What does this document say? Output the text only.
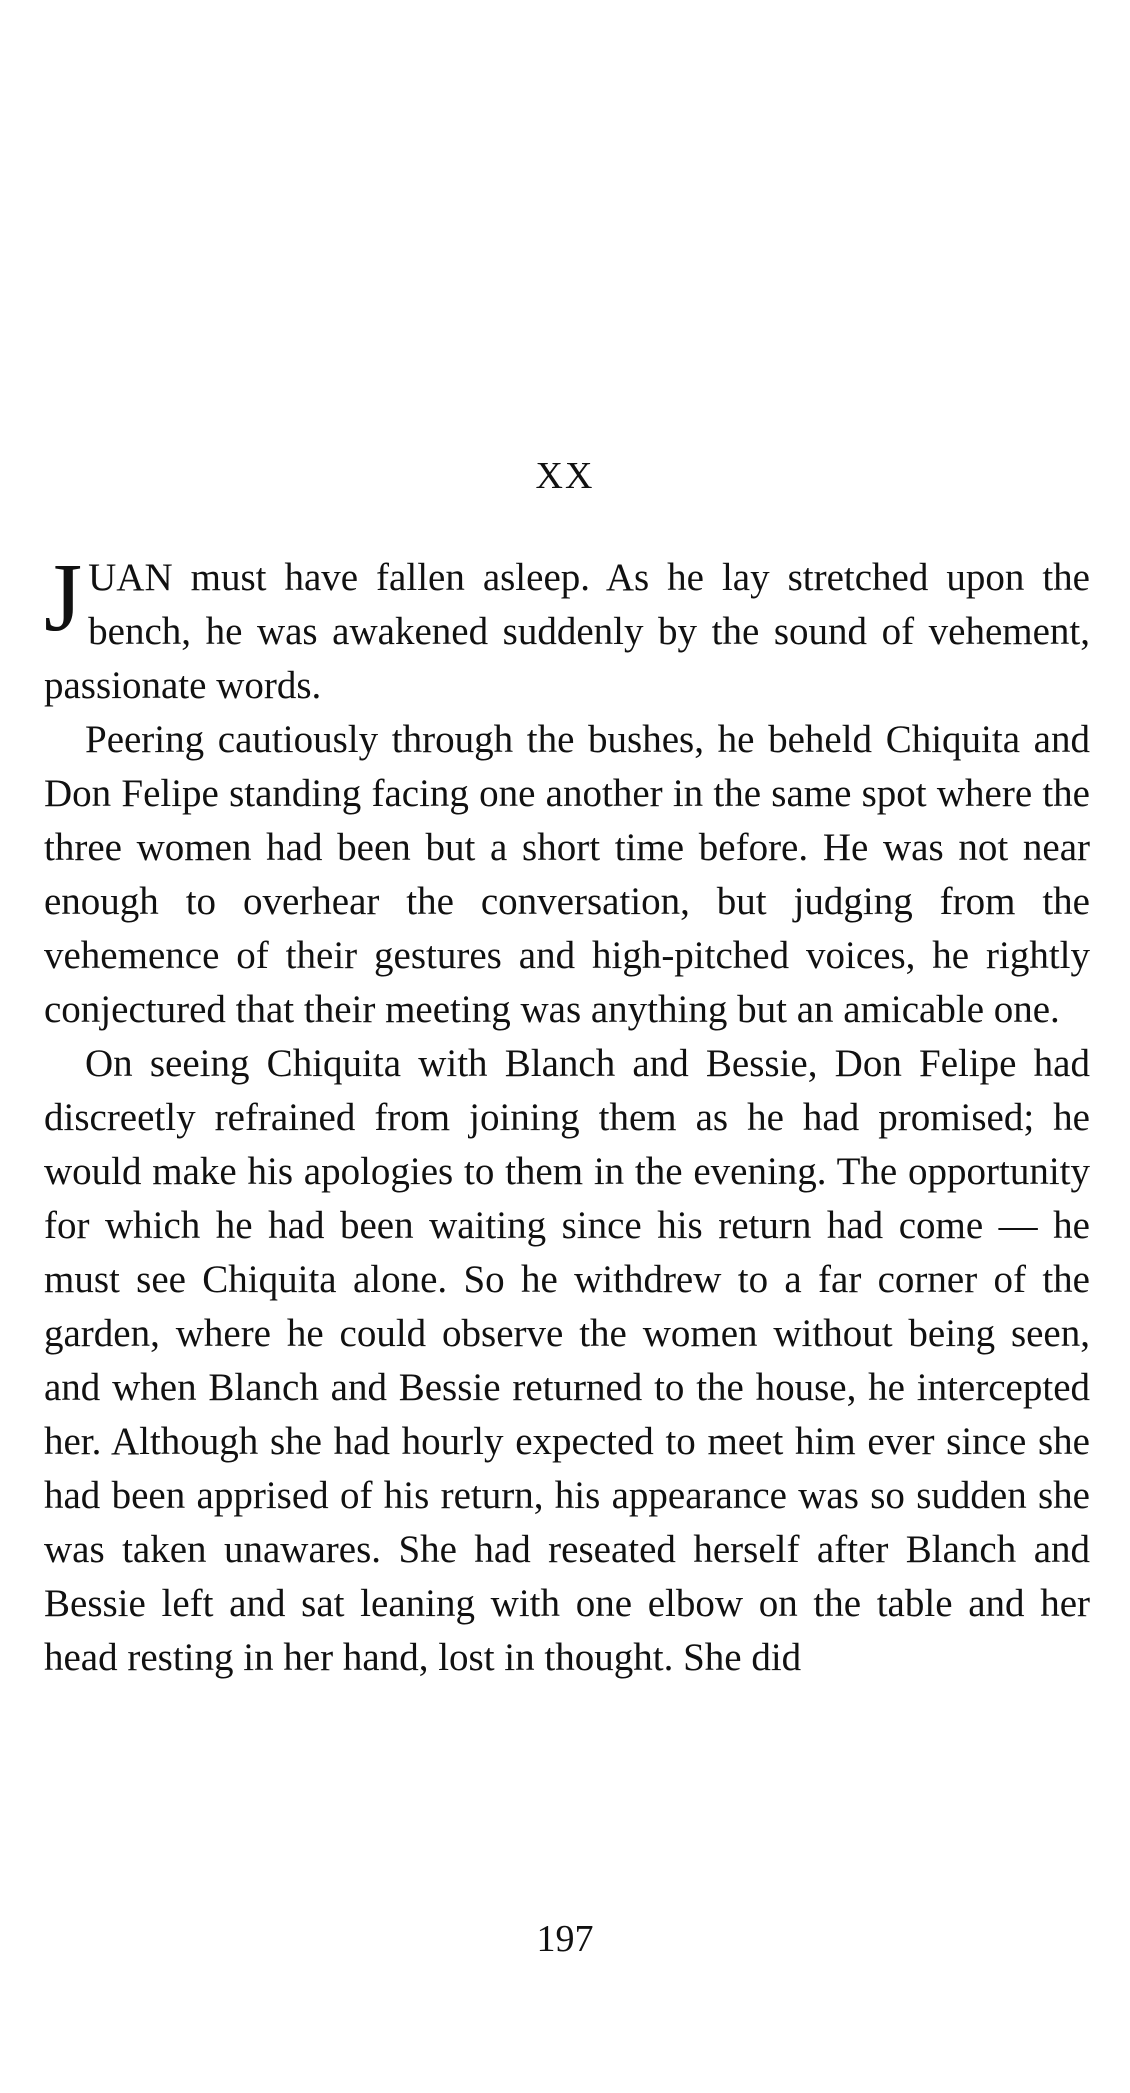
XX

JUAN must have fallen asleep. As he lay stretched upon the bench, he was awakened suddenly by the sound of vehement, passionate words.

Peering cautiously through the bushes, he beheld Chiquita and Don Felipe standing facing one another in the same spot where the three women had been but a short time before. He was not near enough to overhear the conversation, but judging from the vehemence of their gestures and high-pitched voices, he rightly conjectured that their meeting was anything but an amicable one.

On seeing Chiquita with Blanch and Bessie, Don Felipe had discreetly refrained from joining them as he had promised; he would make his apologies to them in the evening. The opportunity for which he had been waiting since his return had come — he must see Chiquita alone. So he withdrew to a far corner of the garden, where he could observe the women without being seen, and when Blanch and Bessie returned to the house, he intercepted her. Although she had hourly expected to meet him ever since she had been apprised of his return, his appearance was so sudden she was taken unawares. She had reseated herself after Blanch and Bessie left and sat leaning with one elbow on the table and her head resting in her hand, lost in thought. She did

197
